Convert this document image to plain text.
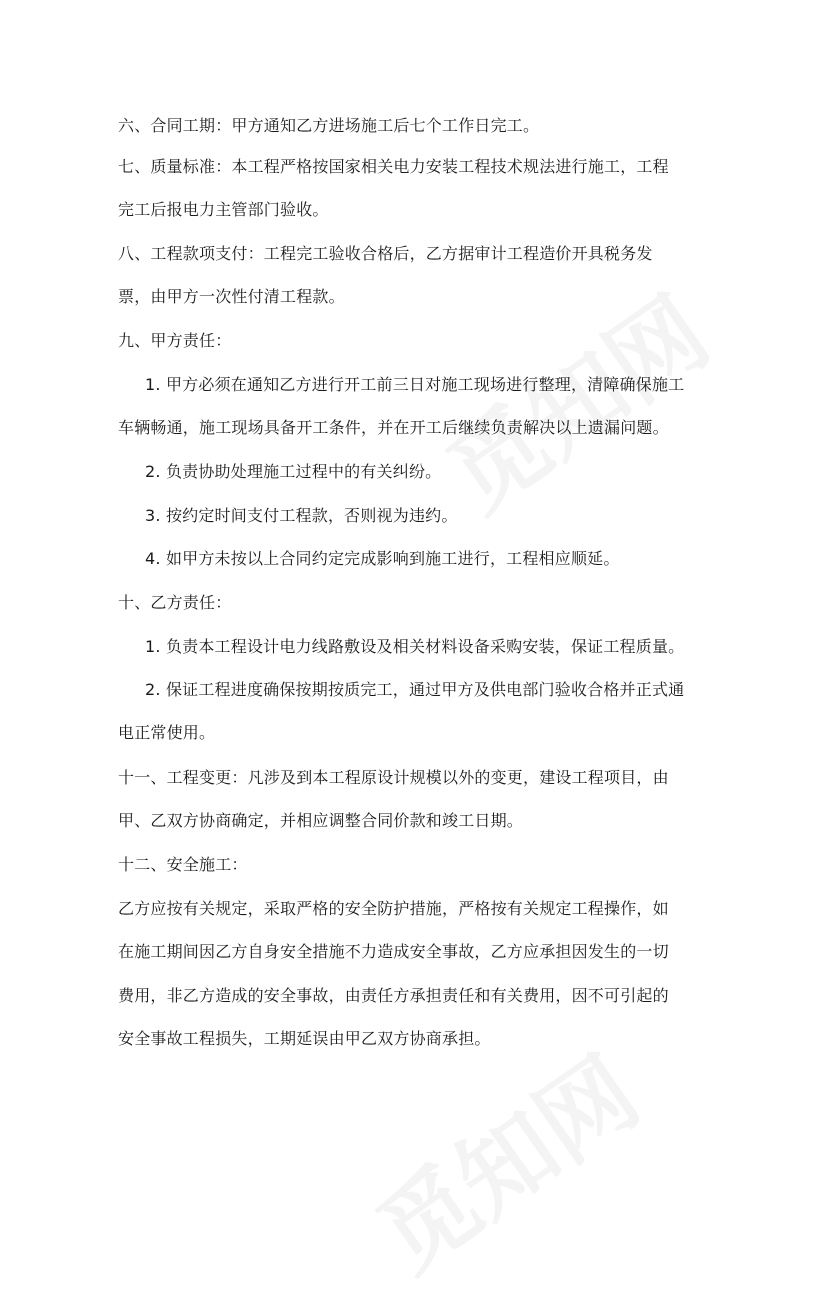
六、合同工期：甲方通知乙方进场施工后七个工作日完工。
七、质量标准：本工程严格按国家相关电力安装工程技术规法进行施工，工程
完工后报电力主管部门验收。
八、工程款项支付：工程完工验收合格后，乙方据审计工程造价开具税务发
票，由甲方一次性付清工程款。
九、甲方责任：
1. 甲方必须在通知乙方进行开工前三日对施工现场进行整理，清障确保施工
车辆畅通，施工现场具备开工条件，并在开工后继续负责解决以上遗漏问题。
2. 负责协助处理施工过程中的有关纠纷。
3. 按约定时间支付工程款，否则视为违约。
4. 如甲方未按以上合同约定完成影响到施工进行，工程相应顺延。
十、乙方责任：
1. 负责本工程设计电力线路敷设及相关材料设备采购安装，保证工程质量。
2. 保证工程进度确保按期按质完工，通过甲方及供电部门验收合格并正式通
电正常使用。
十一、工程变更：凡涉及到本工程原设计规模以外的变更，建设工程项目，由
甲、乙双方协商确定，并相应调整合同价款和竣工日期。
十二、安全施工：
乙方应按有关规定，采取严格的安全防护措施，严格按有关规定工程操作，如
在施工期间因乙方自身安全措施不力造成安全事故，乙方应承担因发生的一切
费用，非乙方造成的安全事故，由责任方承担责任和有关费用，因不可引起的
安全事故工程损失，工期延误由甲乙双方协商承担。
